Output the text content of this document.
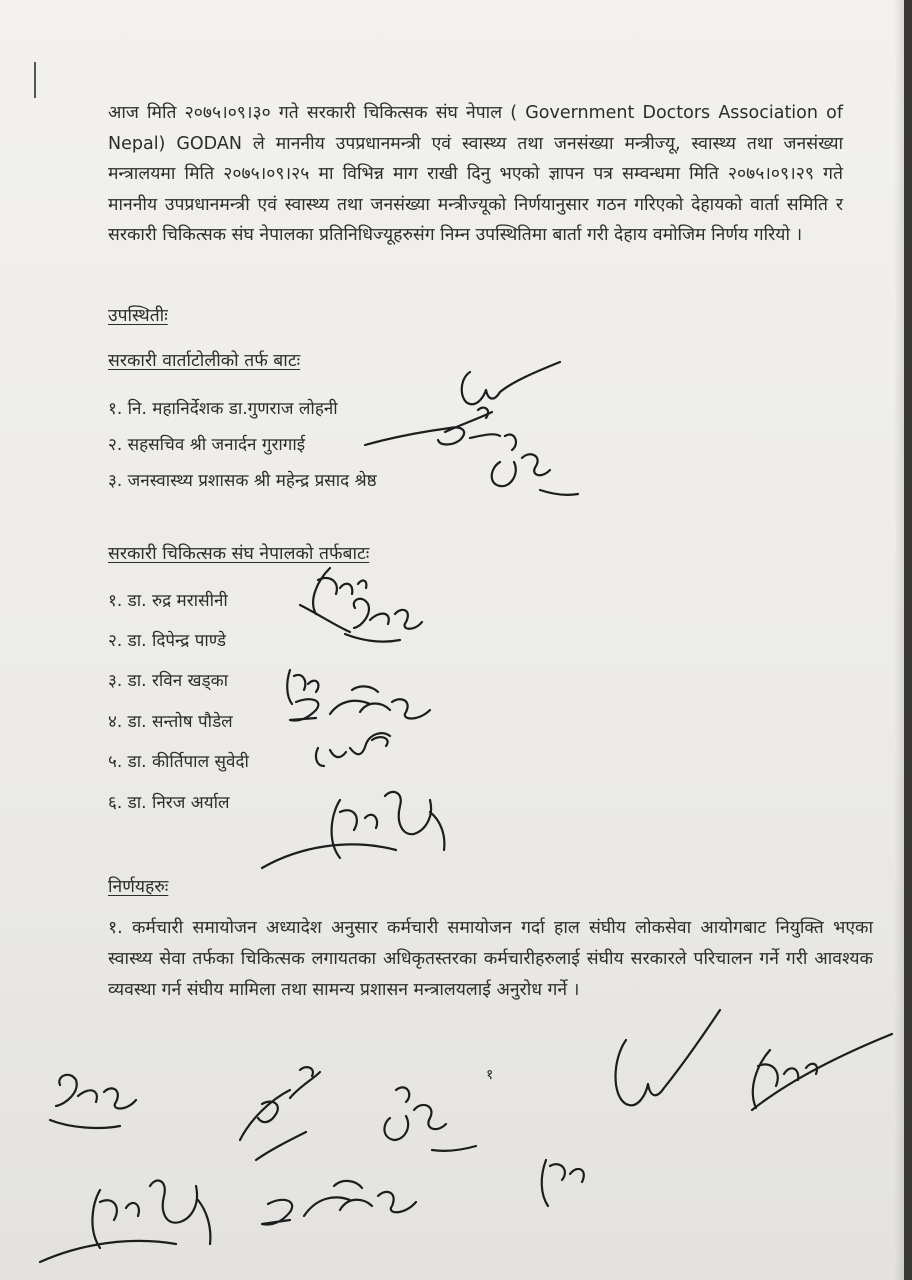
आज मिति २०७५।०९।३० गते सरकारी चिकित्सक संघ नेपाल ( Government Doctors Association of Nepal) GODAN ले माननीय उपप्रधानमन्त्री एवं स्वास्थ्य तथा जनसंख्या मन्त्रीज्यू, स्वास्थ्य तथा जनसंख्या मन्त्रालयमा मिति २०७५।०९।२५ मा विभिन्न माग राखी दिनु भएको ज्ञापन पत्र सम्वन्धमा मिति २०७५।०९।२९ गते माननीय उपप्रधानमन्त्री एवं स्वास्थ्य तथा जनसंख्या मन्त्रीज्यूको निर्णयानुसार गठन गरिएको देहायको वार्ता समिति र सरकारी चिकित्सक संघ नेपालका प्रतिनिधिज्यूहरुसंग निम्न उपस्थितिमा बार्ता गरी देहाय वमोजिम निर्णय गरियो ।
उपस्थितीः
सरकारी वार्ताटोलीको तर्फ बाटः
१. नि. महानिर्देशक डा.गुणराज लोहनी
२. सहसचिव श्री जनार्दन गुरागाई
३. जनस्वास्थ्य प्रशासक श्री महेन्द्र प्रसाद श्रेष्ठ
सरकारी चिकित्सक संघ नेपालको तर्फबाटः
१. डा. रुद्र मरासीनी
२. डा. दिपेन्द्र पाण्डे
३. डा. रविन खड्का
४. डा. सन्तोष पौडेल
५. डा. कीर्तिपाल सुवेदी
६. डा. निरज अर्याल
निर्णयहरुः
१. कर्मचारी समायोजन अध्यादेश अनुसार कर्मचारी समायोजन गर्दा हाल संघीय लोकसेवा आयोगबाट नियुक्ति भएका स्वास्थ्य सेवा तर्फका चिकित्सक लगायतका अधिकृतस्तरका कर्मचारीहरुलाई संघीय सरकारले परिचालन गर्ने गरी आवश्यक व्यवस्था गर्न संघीय मामिला तथा सामन्य प्रशासन मन्त्रालयलाई अनुरोध गर्ने ।
१
